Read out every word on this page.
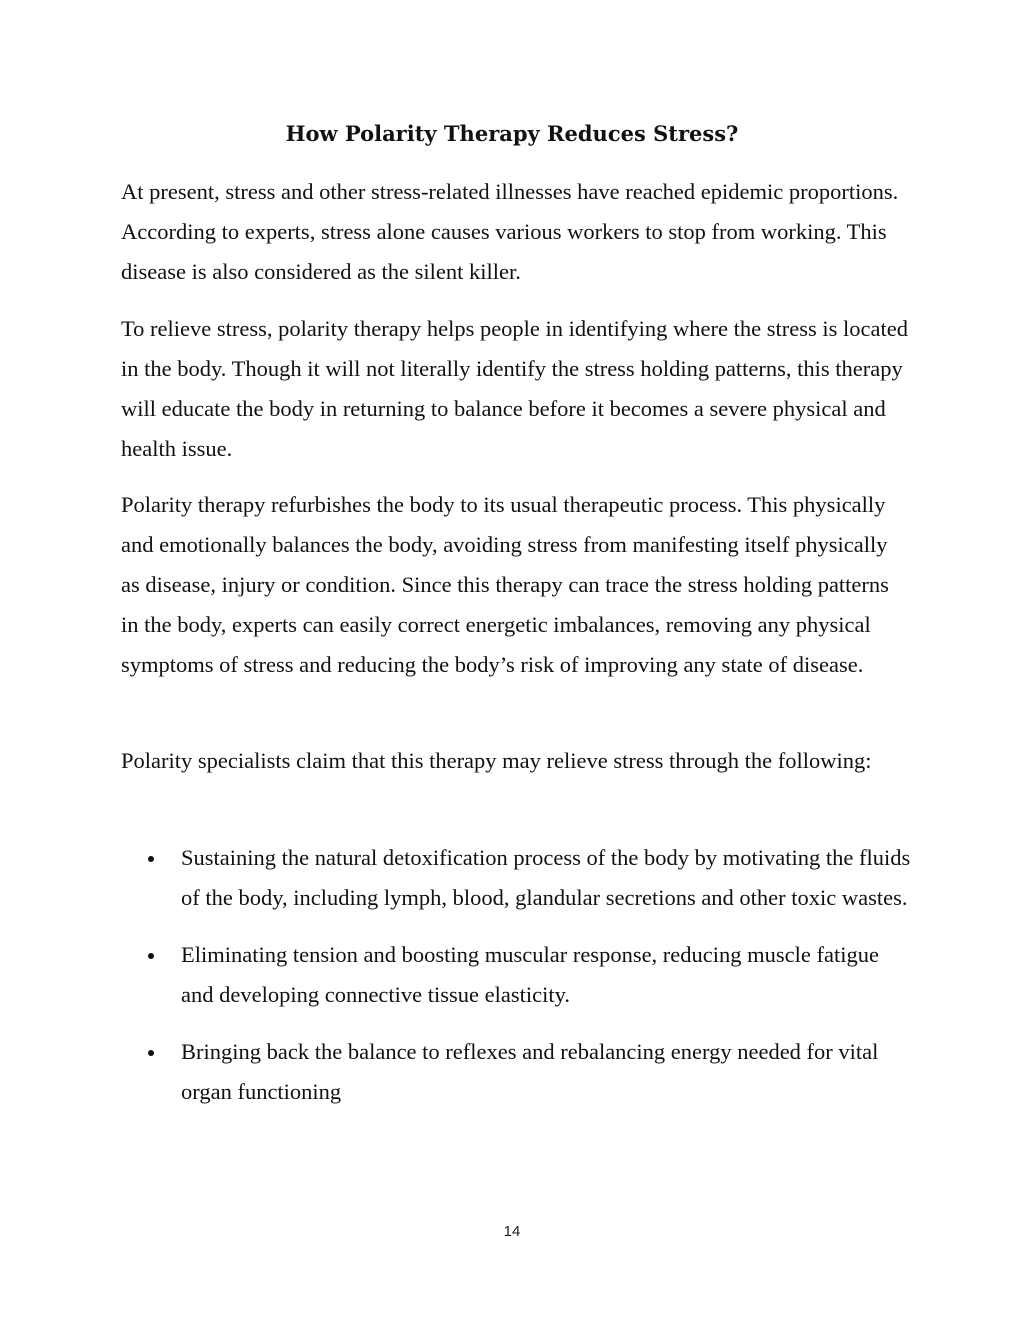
How Polarity Therapy Reduces Stress?

At present, stress and other stress-related illnesses have reached epidemic proportions. According to experts, stress alone causes various workers to stop from working. This disease is also considered as the silent killer.

To relieve stress, polarity therapy helps people in identifying where the stress is located in the body. Though it will not literally identify the stress holding patterns, this therapy will educate the body in returning to balance before it becomes a severe physical and health issue.

Polarity therapy refurbishes the body to its usual therapeutic process. This physically and emotionally balances the body, avoiding stress from manifesting itself physically as disease, injury or condition. Since this therapy can trace the stress holding patterns in the body, experts can easily correct energetic imbalances, removing any physical symptoms of stress and reducing the body’s risk of improving any state of disease.

Polarity specialists claim that this therapy may relieve stress through the following:

Sustaining the natural detoxification process of the body by motivating the fluids of the body, including lymph, blood, glandular secretions and other toxic wastes.
Eliminating tension and boosting muscular response, reducing muscle fatigue and developing connective tissue elasticity.
Bringing back the balance to reflexes and rebalancing energy needed for vital organ functioning
14
